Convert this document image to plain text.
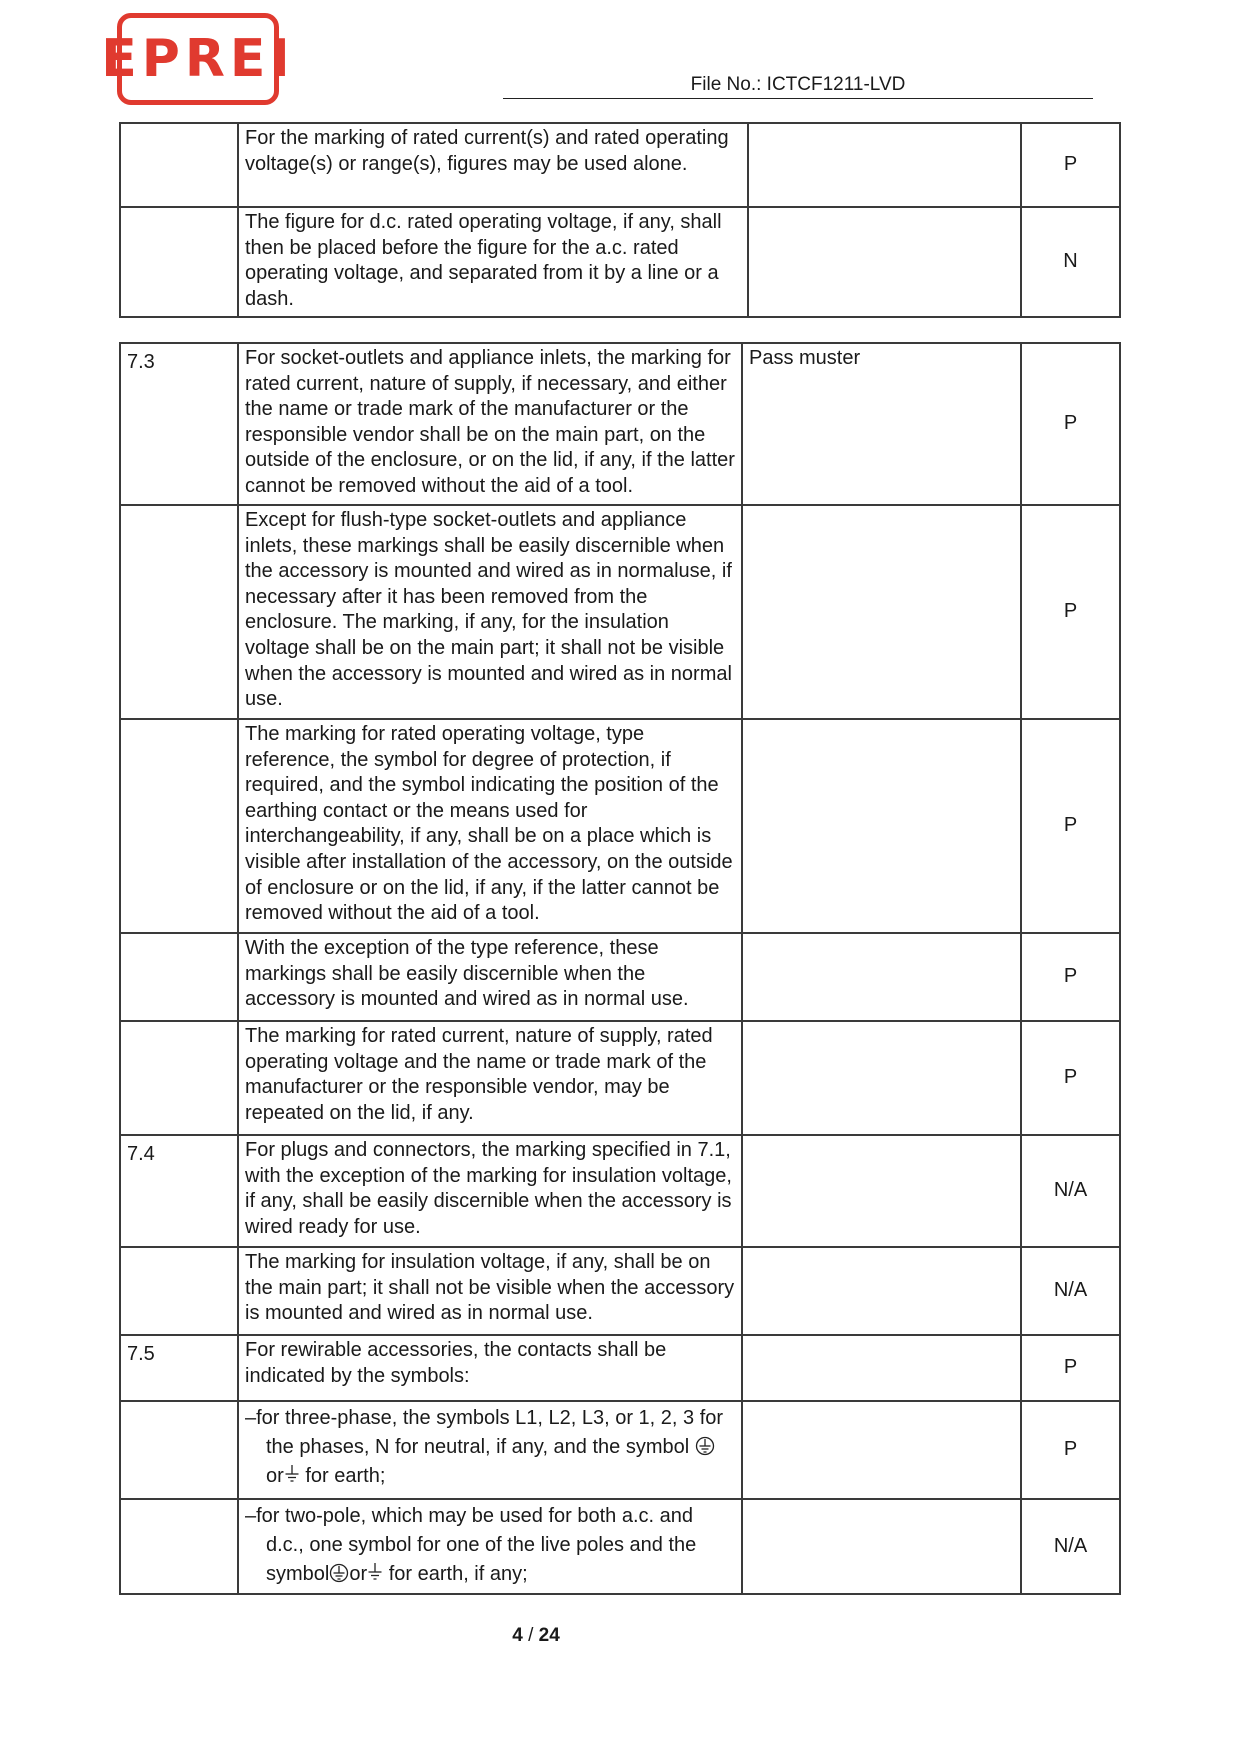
EPREI	File No.: ICTCF1211-LVD
	For the marking of rated current(s) and rated operating voltage(s) or range(s), figures may be used alone.		P
	The figure for d.c. rated operating voltage, if any, shall then be placed before the figure for the a.c. rated operating voltage, and separated from it by a line or a dash.		N
7.3	For socket-outlets and appliance inlets, the marking for rated current, nature of supply, if necessary, and either the name or trade mark of the manufacturer or the responsible vendor shall be on the main part, on the outside of the enclosure, or on the lid, if any, if the latter cannot be removed without the aid of a tool.	Pass muster	P
	Except for flush-type socket-outlets and appliance inlets, these markings shall be easily discernible when the accessory is mounted and wired as in normaluse, if necessary after it has been removed from the enclosure. The marking, if any, for the insulation voltage shall be on the main part; it shall not be visible when the accessory is mounted and wired as in normal use.		P
	The marking for rated operating voltage, type reference, the symbol for degree of protection, if required, and the symbol indicating the position of the earthing contact or the means used for interchangeability, if any, shall be on a place which is visible after installation of the accessory, on the outside of enclosure or on the lid, if any, if the latter cannot be removed without the aid of a tool.		P
	With the exception of the type reference, these markings shall be easily discernible when the accessory is mounted and wired as in normal use.		P
	The marking for rated current, nature of supply, rated operating voltage and the name or trade mark of the manufacturer or the responsible vendor, may be repeated on the lid, if any.		P
7.4	For plugs and connectors, the marking specified in 7.1, with the exception of the marking for insulation voltage, if any, shall be easily discernible when the accessory is wired ready for use.		N/A
	The marking for insulation voltage, if any, shall be on the main part; it shall not be visible when the accessory is mounted and wired as in normal use.		N/A
7.5	For rewirable accessories, the contacts shall be indicated by the symbols:		P

	–for three-phase, the symbols L1, L2, L3, or 1, 2, 3 for the phases, N for neutral, if any, and the symbol  or for earth;		P

	–for two-pole, which may be used for both a.c. and d.c., one symbol for one of the live poles and the symbol or for earth, if any;		N/A
4 / 24
